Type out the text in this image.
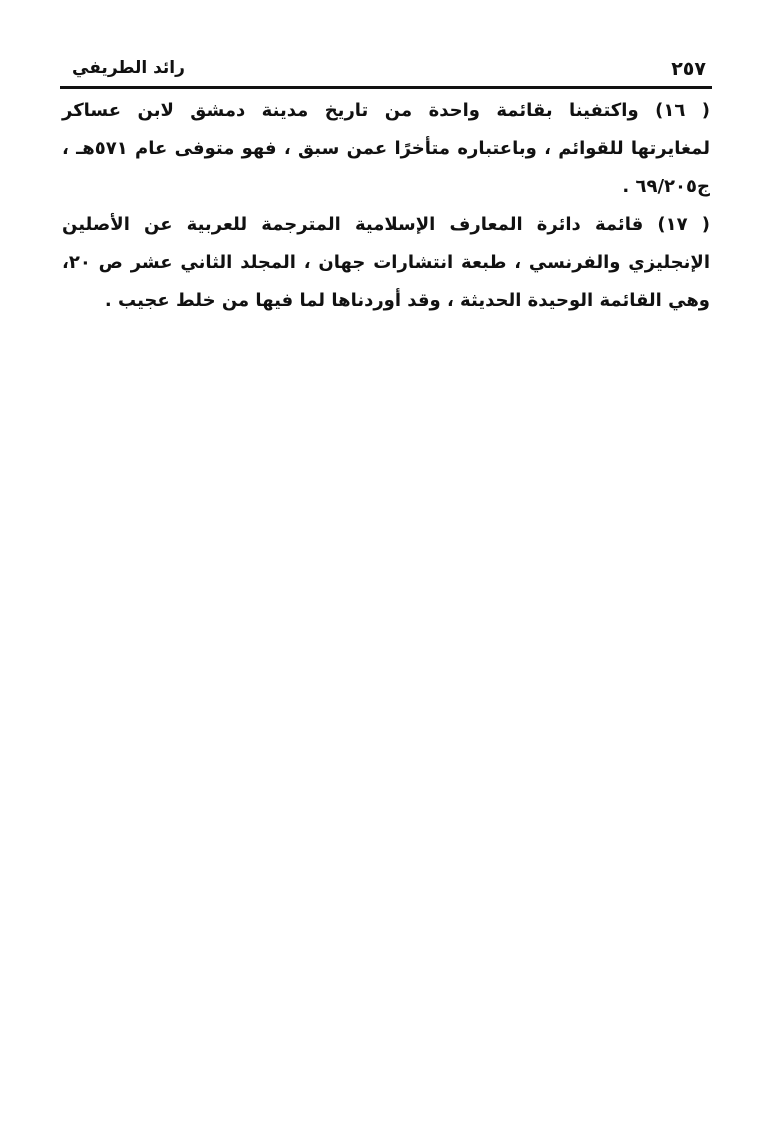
٢٥٧
رائد الطريفي
( ١٦) واكتفينا بقائمة واحدة من تاريخ مدينة دمشق لابن عساكر
لمغايرتها للقوائم ، وباعتباره متأخرًا عمن سبق ، فهو متوفى عام ٥٧١هـ ،
ج٦٩/٢٠٥ .
( ١٧) قائمة دائرة المعارف الإسلامية المترجمة للعربية عن الأصلين
الإنجليزي والفرنسي ، طبعة انتشارات جهان ، المجلد الثاني عشر ص ٢٠،
وهي القائمة الوحيدة الحديثة ، وقد أوردناها لما فيها من خلط عجيب .
